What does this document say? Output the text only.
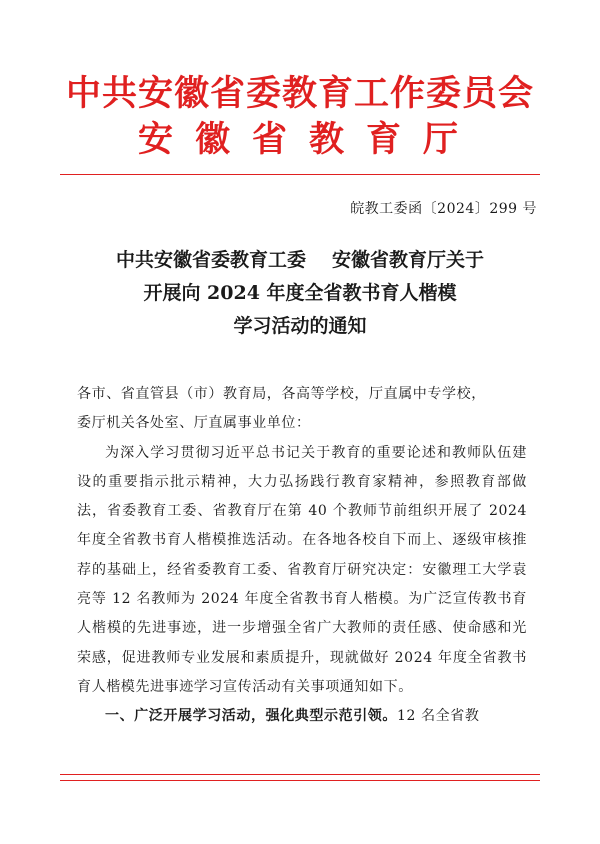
中共安徽省委教育工作委员会
安徽省教育厅
皖教工委函〔2024〕299 号
中共安徽省委教育工委 安徽省教育厅关于
开展向 2024 年度全省教书育人楷模
学习活动的通知

各市、省直管县（市）教育局，各高等学校，厅直属中专学校，

委厅机关各处室、厅直属事业单位：

为深入学习贯彻习近平总书记关于教育的重要论述和教师队伍建设的重要指示批示精神，大力弘扬践行教育家精神，参照教育部做法，省委教育工委、省教育厅在第 40 个教师节前组织开展了 2024 年度全省教书育人楷模推选活动。在各地各校自下而上、逐级审核推荐的基础上，经省委教育工委、省教育厅研究决定：安徽理工大学袁亮等 12 名教师为 2024 年度全省教书育人楷模。为广泛宣传教书育人楷模的先进事迹，进一步增强全省广大教师的责任感、使命感和光荣感，促进教师专业发展和素质提升，现就做好 2024 年度全省教书育人楷模先进事迹学习宣传活动有关事项通知如下。

一、广泛开展学习活动，强化典型示范引领。12 名全省教
